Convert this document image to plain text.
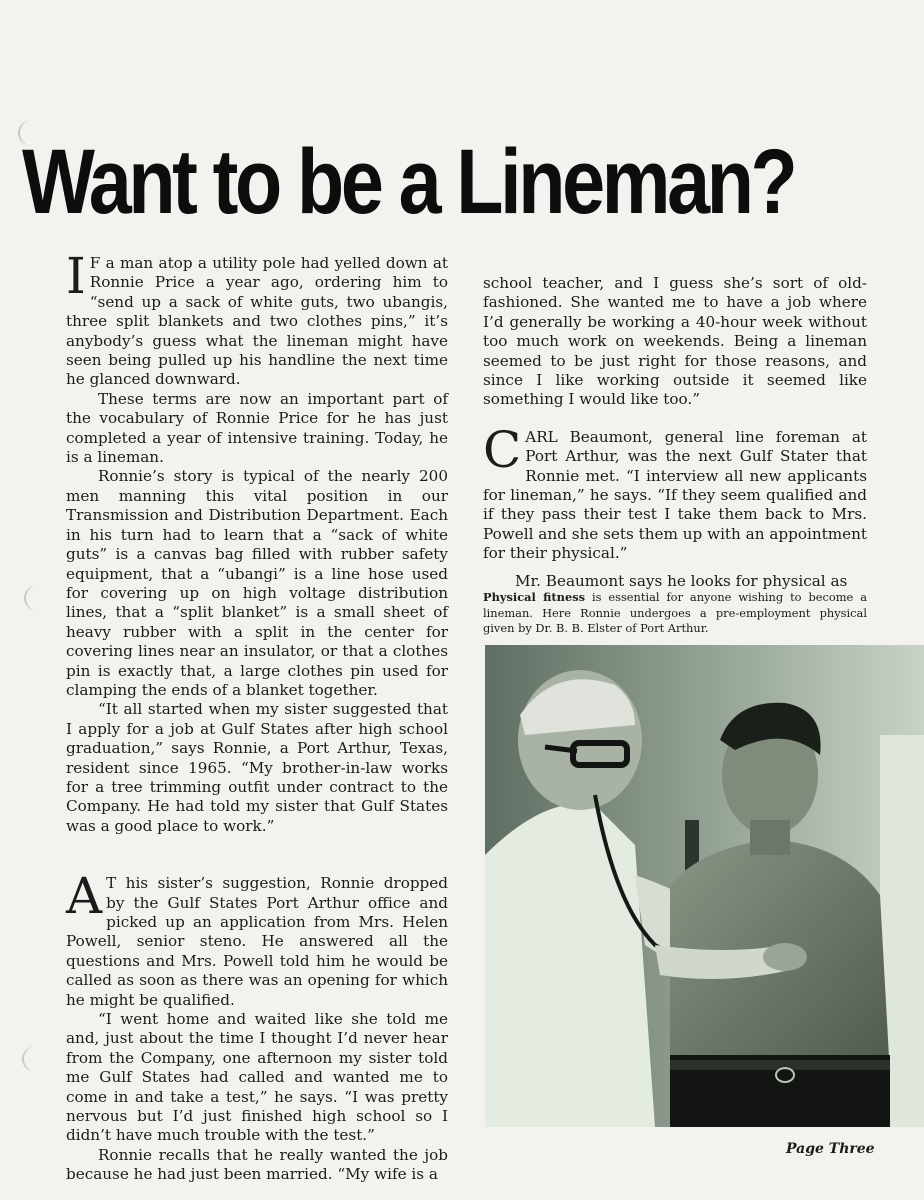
Want to be a Lineman?

I F a man atop a utility pole had yelled down at Ronnie Price a year ago, ordering him to “send up a sack of white guts, two ubangis, three split blankets and two clothes pins,” it’s anybody’s guess what the lineman might have seen being pulled up his handline the next time he glanced downward.

These terms are now an important part of the vocabulary of Ronnie Price for he has just completed a year of intensive training. Today, he is a lineman.

Ronnie’s story is typical of the nearly 200 men manning this vital position in our Transmission and Distribution Department. Each in his turn had to learn that a “sack of white guts” is a canvas bag filled with rubber safety equipment, that a “ubangi” is a line hose used for covering up on high voltage distribution lines, that a “split blanket” is a small sheet of heavy rubber with a split in the center for covering lines near an insulator, or that a clothes pin is exactly that, a large clothes pin used for clamping the ends of a blanket together.

“It all started when my sister suggested that I apply for a job at Gulf States after high school graduation,” says Ronnie, a Port Arthur, Texas, resident since 1965. “My brother-in-law works for a tree trimming outfit under contract to the Company. He had told my sister that Gulf States was a good place to work.”

A T his sister’s suggestion, Ronnie dropped by the Gulf States Port Arthur office and picked up an application from Mrs. Helen Powell, senior steno. He answered all the questions and Mrs. Powell told him he would be called as soon as there was an opening for which he might be qualified.

“I went home and waited like she told me and, just about the time I thought I’d never hear from the Company, one afternoon my sister told me Gulf States had called and wanted me to come in and take a test,” he says. “I was pretty nervous but I’d just finished high school so I didn’t have much trouble with the test.”

Ronnie recalls that he really wanted the job because he had just been married. “My wife is a

school teacher, and I guess she’s sort of old-fashioned. She wanted me to have a job where I’d generally be working a 40-hour week without too much work on weekends. Being a lineman seemed to be just right for those reasons, and since I like working outside it seemed like something I would like too.”

CARL Beaumont, general line foreman at Port Arthur, was the next Gulf Stater that Ronnie met. “I interview all new applicants for lineman,” he says. “If they seem qualified and if they pass their test I take them back to Mrs. Powell and she sets them up with an appointment for their physical.”

Mr. Beaumont says he looks for physical as

Physical fitness is essential for anyone wishing to become a lineman. Here Ronnie undergoes a pre-employment physical given by Dr. B. B. Elster of Port Arthur.

Page Three
